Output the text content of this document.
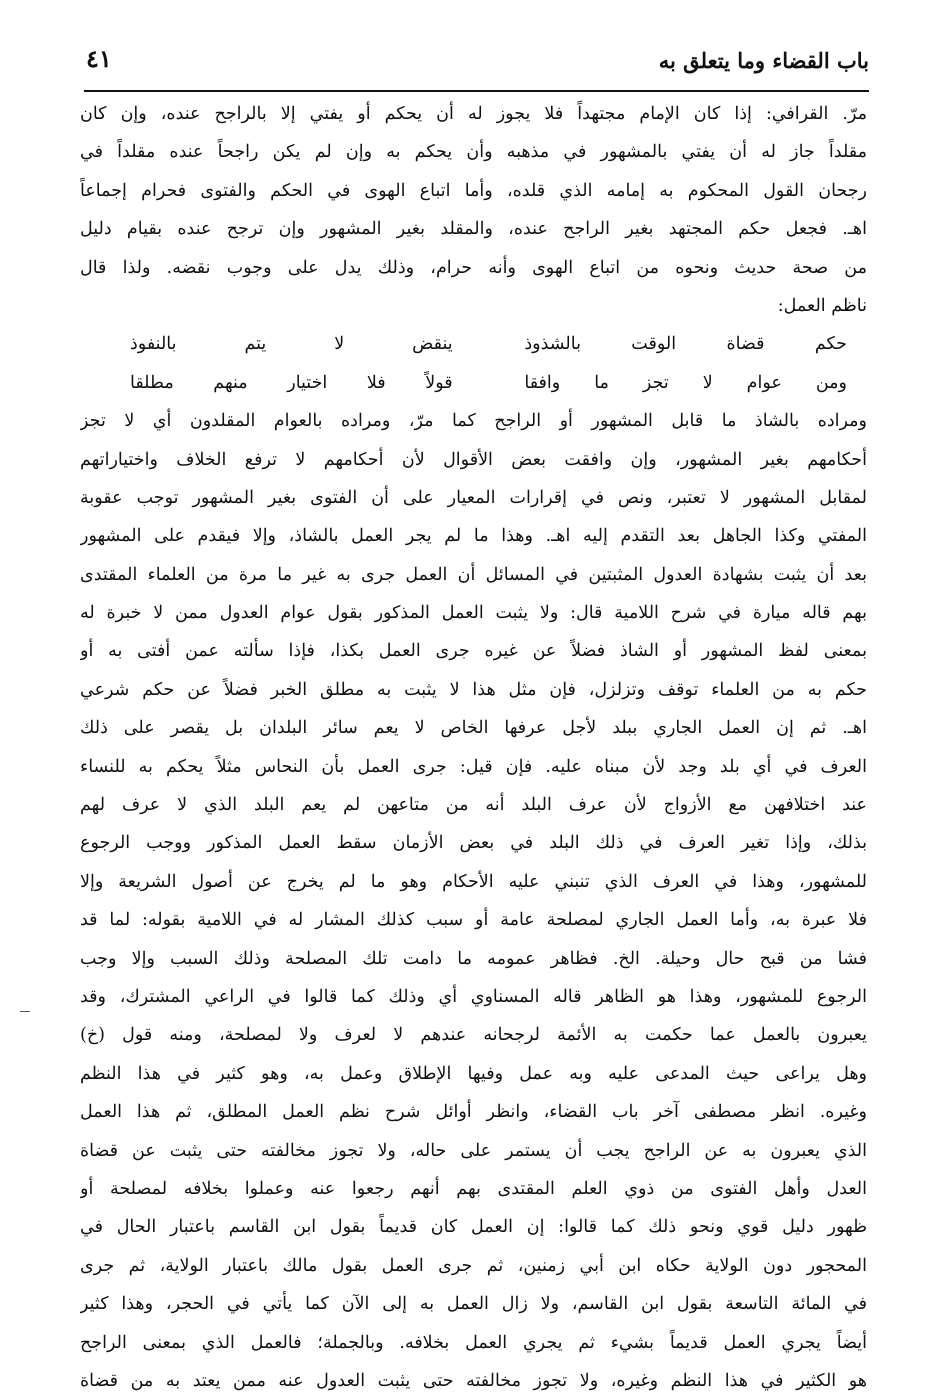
٤١	باب القضاء وما يتعلق به
مرّ. القرافي: إذا كان الإمام مجتهداً فلا يجوز له أن يحكم أو يفتي إلا بالراجح عنده، وإن كان
مقلداً جاز له أن يفتي بالمشهور في مذهبه وأن يحكم به وإن لم يكن راجحاً عنده مقلداً في
رجحان القول المحكوم به إمامه الذي قلده، وأما اتباع الهوى في الحكم والفتوى فحرام إجماعاً
اهـ. فجعل حكم المجتهد بغير الراجح عنده، والمقلد بغير المشهور وإن ترجح عنده بقيام دليل
من صحة حديث ونحوه من اتباع الهوى وأنه حرام، وذلك يدل على وجوب نقضه. ولذا قال
ناظم العمل:
حكم قضاة الوقت بالشذوذ
ينقض لا يتم بالنفوذ
ومن عوام لا تجز ما وافقا
قولاً فلا اختيار منهم مطلقا
ومراده بالشاذ ما قابل المشهور أو الراجح كما مرّ، ومراده بالعوام المقلدون أي لا تجز
أحكامهم بغير المشهور، وإن وافقت بعض الأقوال لأن أحكامهم لا ترفع الخلاف واختياراتهم
لمقابل المشهور لا تعتبر، ونص في إقرارات المعيار على أن الفتوى بغير المشهور توجب عقوبة
المفتي وكذا الجاهل بعد التقدم إليه اهـ. وهذا ما لم يجر العمل بالشاذ، وإلا فيقدم على المشهور
بعد أن يثبت بشهادة العدول المثبتين في المسائل أن العمل جرى به غير ما مرة من العلماء المقتدى
بهم قاله ميارة في شرح اللامية قال: ولا يثبت العمل المذكور بقول عوام العدول ممن لا خبرة له
بمعنى لفظ المشهور أو الشاذ فضلاً عن غيره جرى العمل بكذا، فإذا سألته عمن أفتى به أو
حكم به من العلماء توقف وتزلزل، فإن مثل هذا لا يثبت به مطلق الخبر فضلاً عن حكم شرعي
اهـ. ثم إن العمل الجاري ببلد لأجل عرفها الخاص لا يعم سائر البلدان بل يقصر على ذلك
العرف في أي بلد وجد لأن مبناه عليه. فإن قيل: جرى العمل بأن النحاس مثلاً يحكم به للنساء
عند اختلافهن مع الأزواج لأن عرف البلد أنه من متاعهن لم يعم البلد الذي لا عرف لهم
بذلك، وإذا تغير العرف في ذلك البلد في بعض الأزمان سقط العمل المذكور ووجب الرجوع
للمشهور، وهذا في العرف الذي تنبني عليه الأحكام وهو ما لم يخرج عن أصول الشريعة وإلا
فلا عبرة به، وأما العمل الجاري لمصلحة عامة أو سبب كذلك المشار له في اللامية بقوله: لما قد
فشا من قبح حال وحيلة. الخ. فظاهر عمومه ما دامت تلك المصلحة وذلك السبب وإلا وجب
الرجوع للمشهور، وهذا هو الظاهر قاله المسناوي أي وذلك كما قالوا في الراعي المشترك، وقد
يعبرون بالعمل عما حكمت به الأئمة لرجحانه عندهم لا لعرف ولا لمصلحة، ومنه قول (خ)
وهل يراعى حيث المدعى عليه وبه عمل وفيها الإطلاق وعمل به، وهو كثير في هذا النظم
وغيره. انظر مصطفى آخر باب القضاء، وانظر أوائل شرح نظم العمل المطلق، ثم هذا العمل
الذي يعبرون به عن الراجح يجب أن يستمر على حاله، ولا تجوز مخالفته حتى يثبت عن قضاة
العدل وأهل الفتوى من ذوي العلم المقتدى بهم أنهم رجعوا عنه وعملوا بخلافه لمصلحة أو
ظهور دليل قوي ونحو ذلك كما قالوا: إن العمل كان قديماً بقول ابن القاسم باعتبار الحال في
المحجور دون الولاية حكاه ابن أبي زمنين، ثم جرى العمل بقول مالك باعتبار الولاية، ثم جرى
في المائة التاسعة بقول ابن القاسم، ولا زال العمل به إلى الآن كما يأتي في الحجر، وهذا كثير
أيضاً يجري العمل قديماً بشيء ثم يجري العمل بخلافه. وبالجملة؛ فالعمل الذي بمعنى الراجح
هو الكثير في هذا النظم وغيره، ولا تجوز مخالفته حتى يثبت العدول عنه ممن يعتد به من قضاة
